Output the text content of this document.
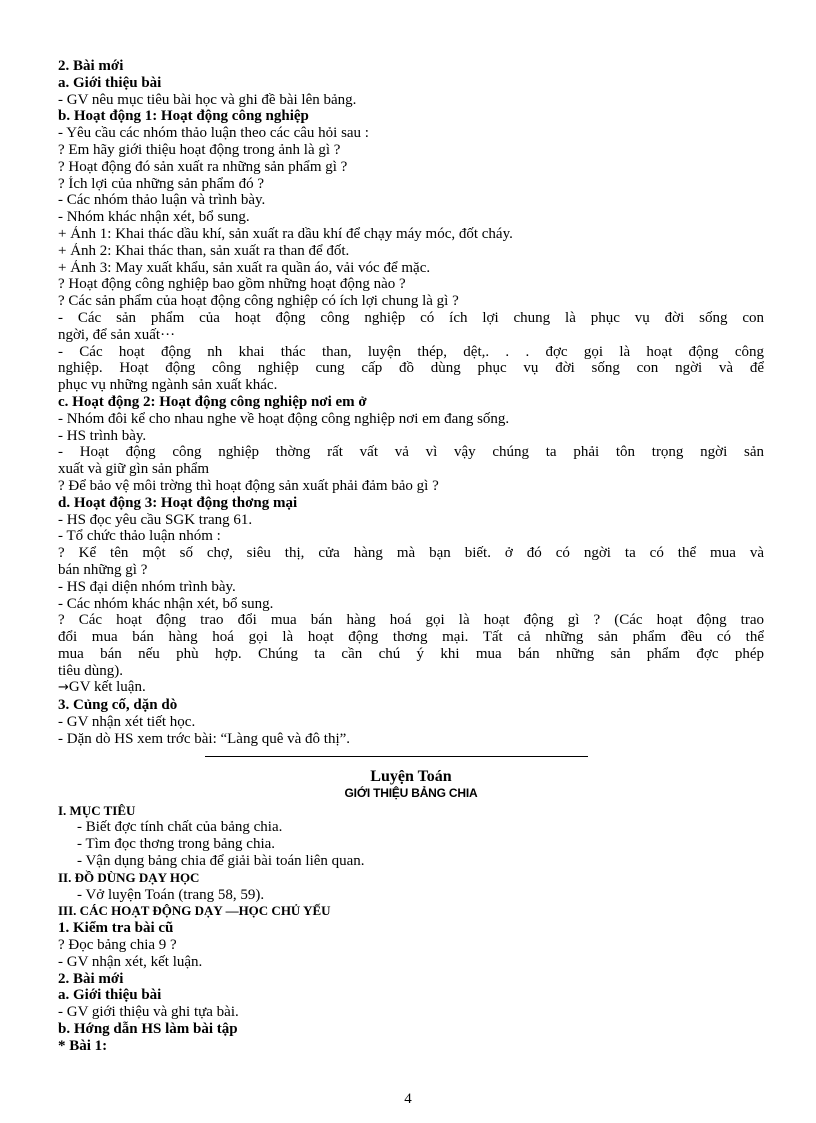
2. Bài mới
a. Giới thiệu bài
- GV nêu mục tiêu bài học và ghi đề bài lên bảng.
b. Hoạt động 1: Hoạt động công nghiệp
- Yêu cầu các nhóm thảo luận theo các câu hỏi sau :
? Em hãy giới thiệu hoạt động trong ảnh là gì ?
? Hoạt động đó sản xuất ra những sản phẩm gì ?
? Ích lợi của những sản phẩm đó ?
- Các nhóm thảo luận và trình bày.
- Nhóm khác nhận xét, bổ sung.
+ Ảnh 1: Khai thác dầu khí, sản xuất ra dầu khí để chạy máy móc, đốt cháy.
+ Ảnh 2: Khai thác than, sản xuất ra than để đốt.
+ Ảnh 3: May xuất khẩu, sản xuất ra quần áo, vải vóc để mặc.
? Hoạt động công nghiệp bao gồm những hoạt động nào ?
? Các sản phẩm của hoạt động công nghiệp có ích lợi chung là gì ?
- Các sản phẩm của hoạt động công nghiệp có ích lợi chung là phục vụ đời sống con
ngời, để sản xuất···
- Các hoạt động nh khai thác than, luyện thép, dệt,. . . đợc gọi là hoạt động công
nghiệp. Hoạt động công nghiệp cung cấp đồ dùng phục vụ đời sống con ngời và để
phục vụ những ngành sản xuất khác.
c. Hoạt động 2: Hoạt động công nghiệp nơi em ở
- Nhóm đôi kể cho nhau nghe về hoạt động công nghiệp nơi em đang sống.
- HS trình bày.
- Hoạt động công nghiệp thờng rất vất vả vì vậy chúng ta phải tôn trọng ngời sản
xuất và giữ gìn sản phẩm
? Để bảo vệ môi trờng thì hoạt động sản xuất phải đảm bảo gì ?
d. Hoạt động 3: Hoạt động thơng mại
- HS đọc yêu cầu SGK trang 61.
- Tổ chức thảo luận nhóm :
? Kể tên một số chợ, siêu thị, cửa hàng mà bạn biết. ở đó có ngời ta có thể mua và
bán những gì ?
- HS đại diện nhóm trình bày.
- Các nhóm khác nhận xét, bổ sung.
? Các hoạt động trao đổi mua bán hàng hoá gọi là hoạt động gì ? (Các hoạt động trao
đổi mua bán hàng hoá gọi là hoạt động thơng mại. Tất cả những sản phẩm đều có thể
mua bán nếu phù hợp. Chúng ta cần chú ý khi mua bán những sản phẩm đợc phép
tiêu dùng).
→GV kết luận.
3. Củng cố, dặn dò
- GV nhận xét tiết học.
- Dặn dò HS xem trớc bài: “Làng quê và đô thị”.
Luyện Toán
GIỚI THIỆU BẢNG CHIA
I. MỤC TIÊU
- Biết đợc tính chất của bảng chia.
- Tìm đọc thơng trong bảng chia.
- Vận dụng bảng chia để giải bài toán liên quan.
II. ĐỒ DÙNG DẠY HỌC
- Vở luyện Toán (trang 58, 59).
III. CÁC HOẠT ĐỘNG DẠY —HỌC CHỦ YẾU
1. Kiểm tra bài cũ
? Đọc bảng chia 9 ?
- GV nhận xét, kết luận.
2. Bài mới
a. Giới thiệu bài
- GV giới thiệu và ghi tựa bài.
b. Hớng dẫn HS làm bài tập
* Bài 1:
4
